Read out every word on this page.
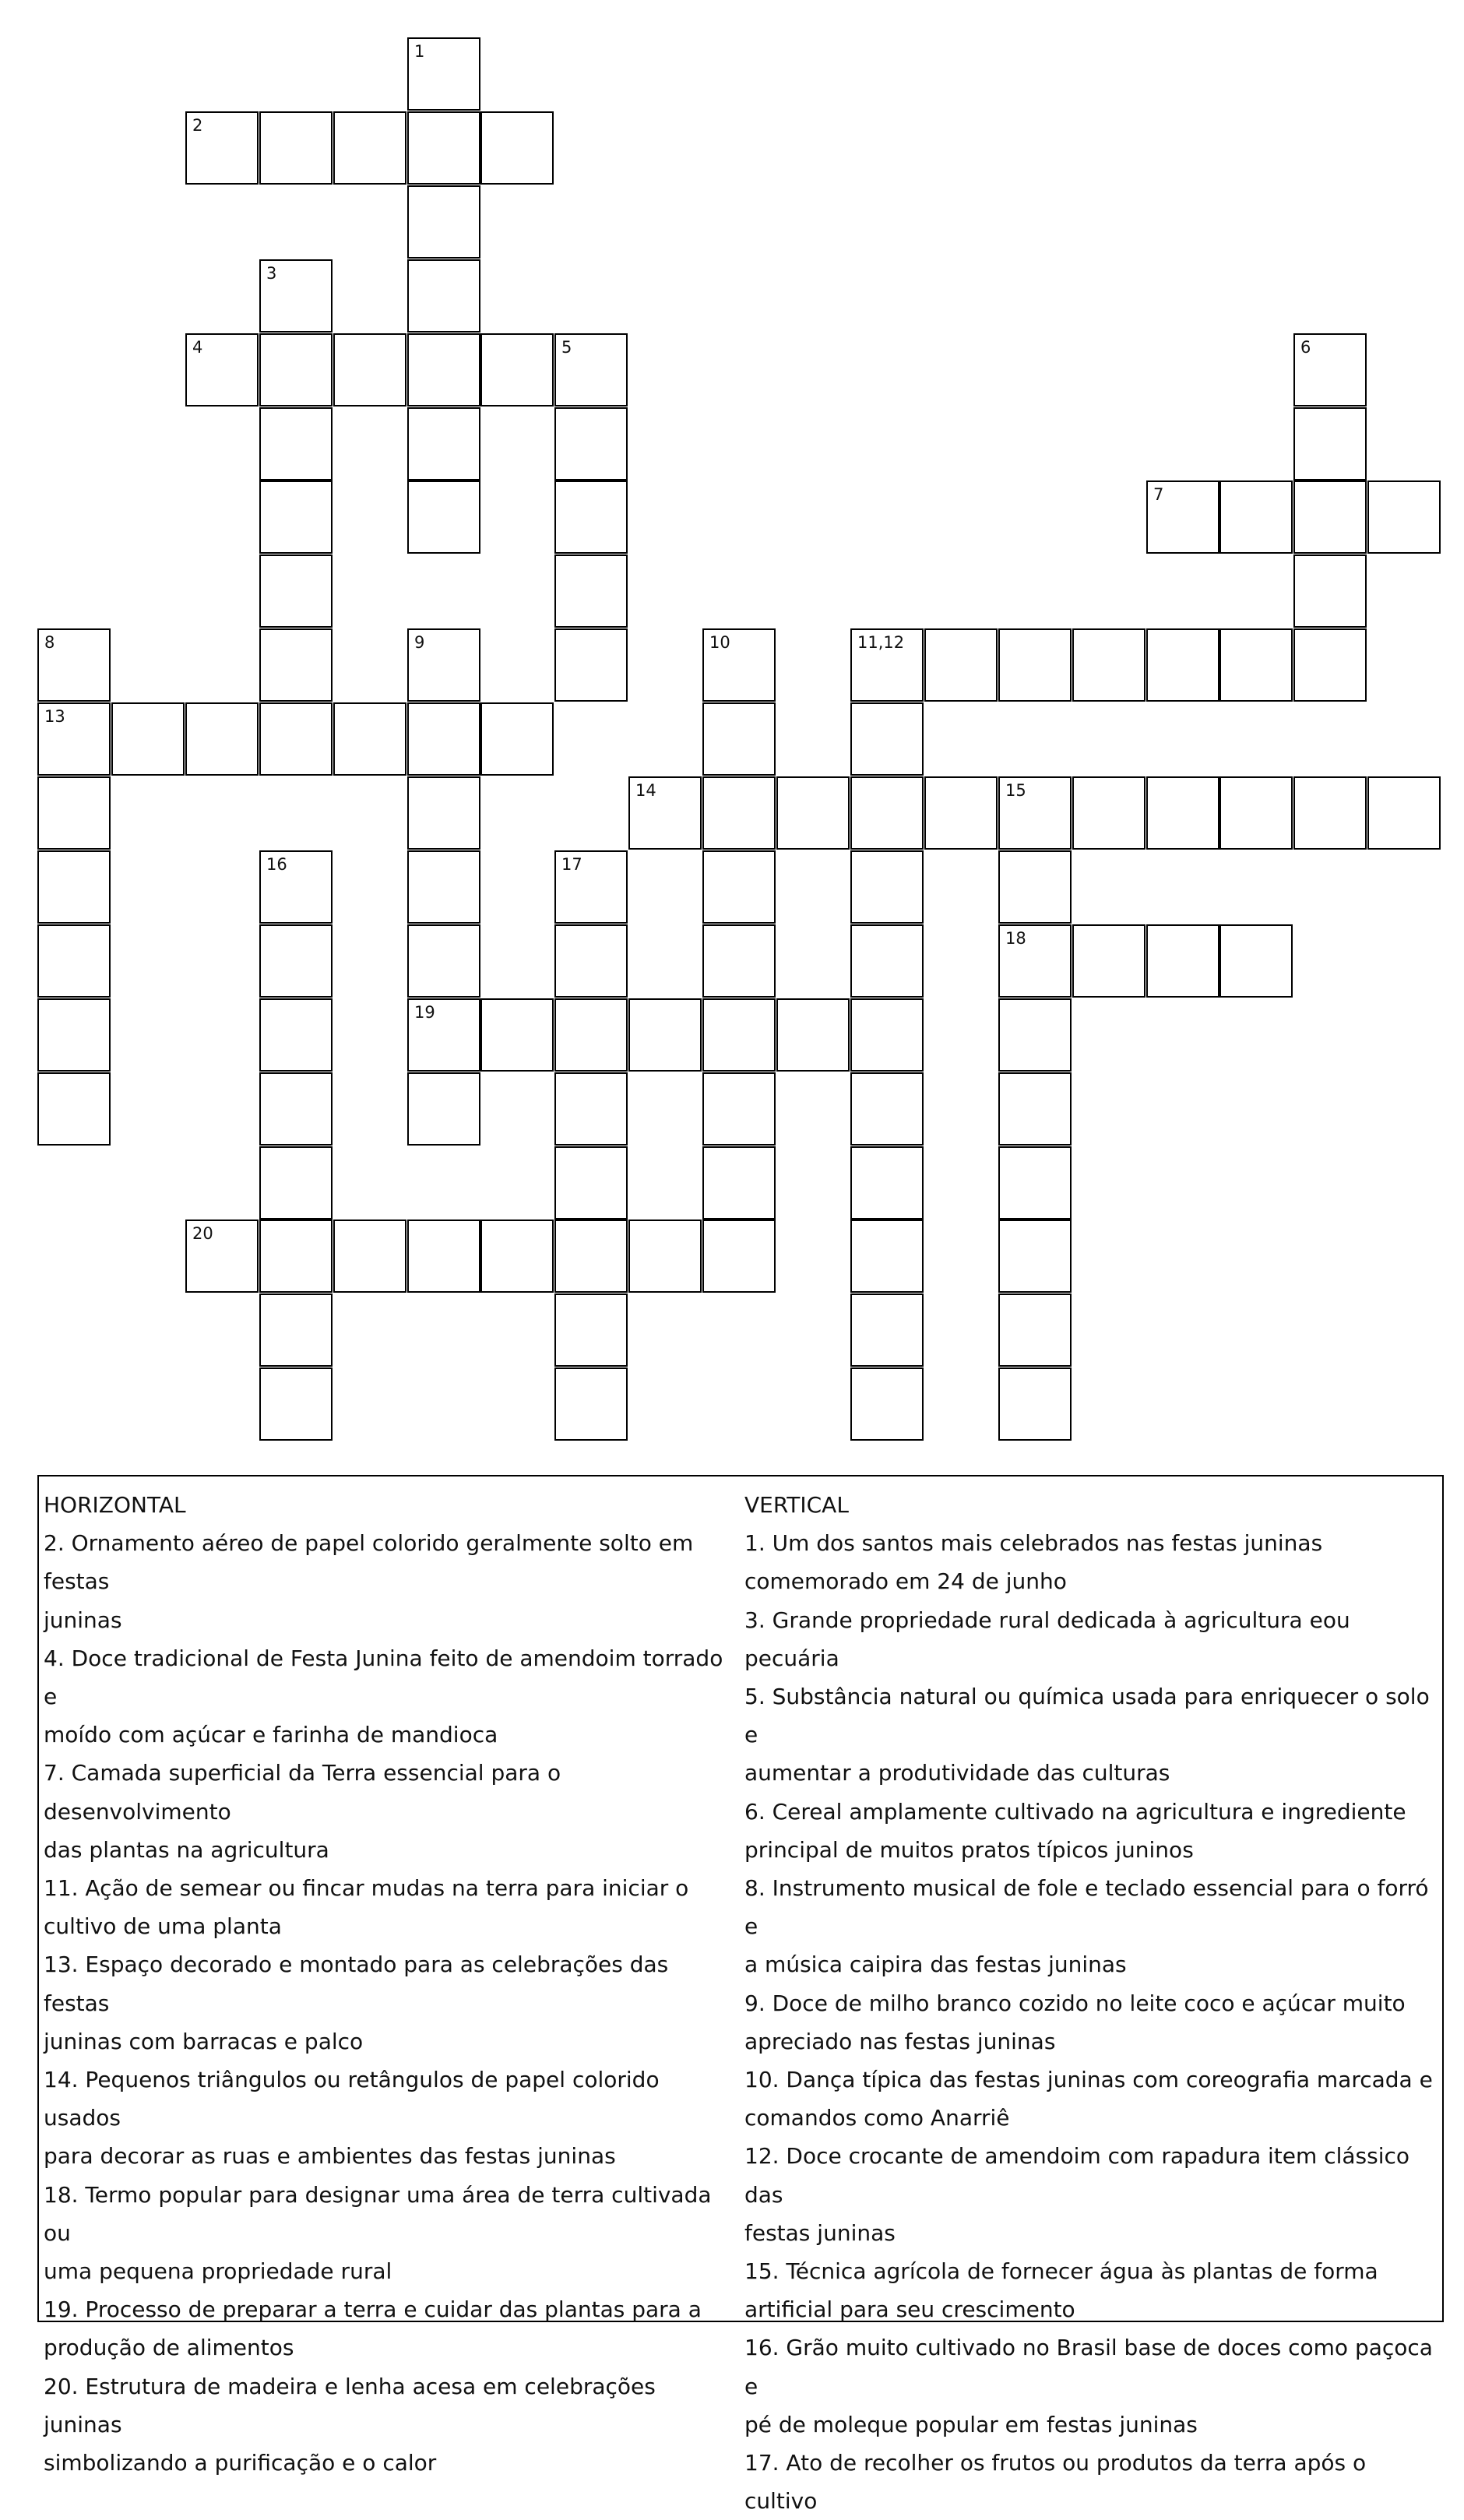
1
2
3
4	5	6
7
8	9	10	11,12
13
14	15
16	17
18
19
20
HORIZONTAL
2. Ornamento aéreo de papel colorido geralmente solto em festas
juninas
4. Doce tradicional de Festa Junina feito de amendoim torrado e
moído com açúcar e farinha de mandioca
7. Camada superficial da Terra essencial para o desenvolvimento
das plantas na agricultura
11. Ação de semear ou fincar mudas na terra para iniciar o
cultivo de uma planta
13. Espaço decorado e montado para as celebrações das festas
juninas com barracas e palco
14. Pequenos triângulos ou retângulos de papel colorido usados
para decorar as ruas e ambientes das festas juninas
18. Termo popular para designar uma área de terra cultivada ou
uma pequena propriedade rural
19. Processo de preparar a terra e cuidar das plantas para a
produção de alimentos
20. Estrutura de madeira e lenha acesa em celebrações juninas
simbolizando a purificação e o calor
VERTICAL
1. Um dos santos mais celebrados nas festas juninas
comemorado em 24 de junho
3. Grande propriedade rural dedicada à agricultura eou pecuária
5. Substância natural ou química usada para enriquecer o solo e
aumentar a produtividade das culturas
6. Cereal amplamente cultivado na agricultura e ingrediente
principal de muitos pratos típicos juninos
8. Instrumento musical de fole e teclado essencial para o forró e
a música caipira das festas juninas
9. Doce de milho branco cozido no leite coco e açúcar muito
apreciado nas festas juninas
10. Dança típica das festas juninas com coreografia marcada e
comandos como Anarriê
12. Doce crocante de amendoim com rapadura item clássico das
festas juninas
15. Técnica agrícola de fornecer água às plantas de forma
artificial para seu crescimento
16. Grão muito cultivado no Brasil base de doces como paçoca e
pé de moleque popular em festas juninas
17. Ato de recolher os frutos ou produtos da terra após o cultivo
